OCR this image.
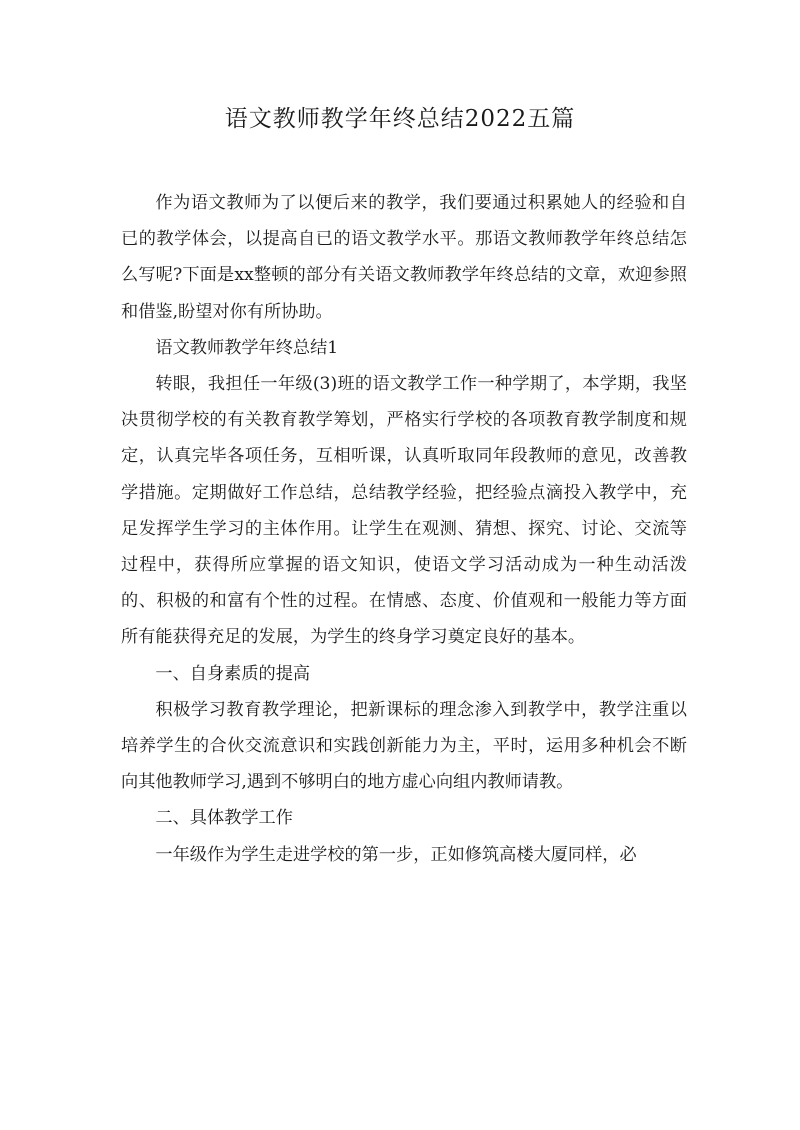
语文教师教学年终总结2022五篇

作为语文教师为了以便后来的教学，我们要通过积累她人的经验和自已的教学体会，以提高自已的语文教学水平。那语文教师教学年终总结怎么写呢?下面是xx整顿的部分有关语文教师教学年终总结的文章，欢迎参照和借鉴,盼望对你有所协助。

语文教师教学年终总结1

转眼，我担任一年级(3)班的语文教学工作一种学期了，本学期，我坚决贯彻学校的有关教育教学筹划，严格实行学校的各项教育教学制度和规定，认真完毕各项任务，互相听课，认真听取同年段教师的意见，改善教学措施。定期做好工作总结，总结教学经验，把经验点滴投入教学中，充足发挥学生学习的主体作用。让学生在观测、猜想、探究、讨论、交流等过程中，获得所应掌握的语文知识，使语文学习活动成为一种生动活泼的、积极的和富有个性的过程。在情感、态度、价值观和一般能力等方面所有能获得充足的发展，为学生的终身学习奠定良好的基本。

一、自身素质的提高

积极学习教育教学理论，把新课标的理念渗入到教学中，教学注重以培养学生的合伙交流意识和实践创新能力为主，平时，运用多种机会不断向其他教师学习,遇到不够明白的地方虚心向组内教师请教。

二、具体教学工作

一年级作为学生走进学校的第一步，正如修筑高楼大厦同样，必
